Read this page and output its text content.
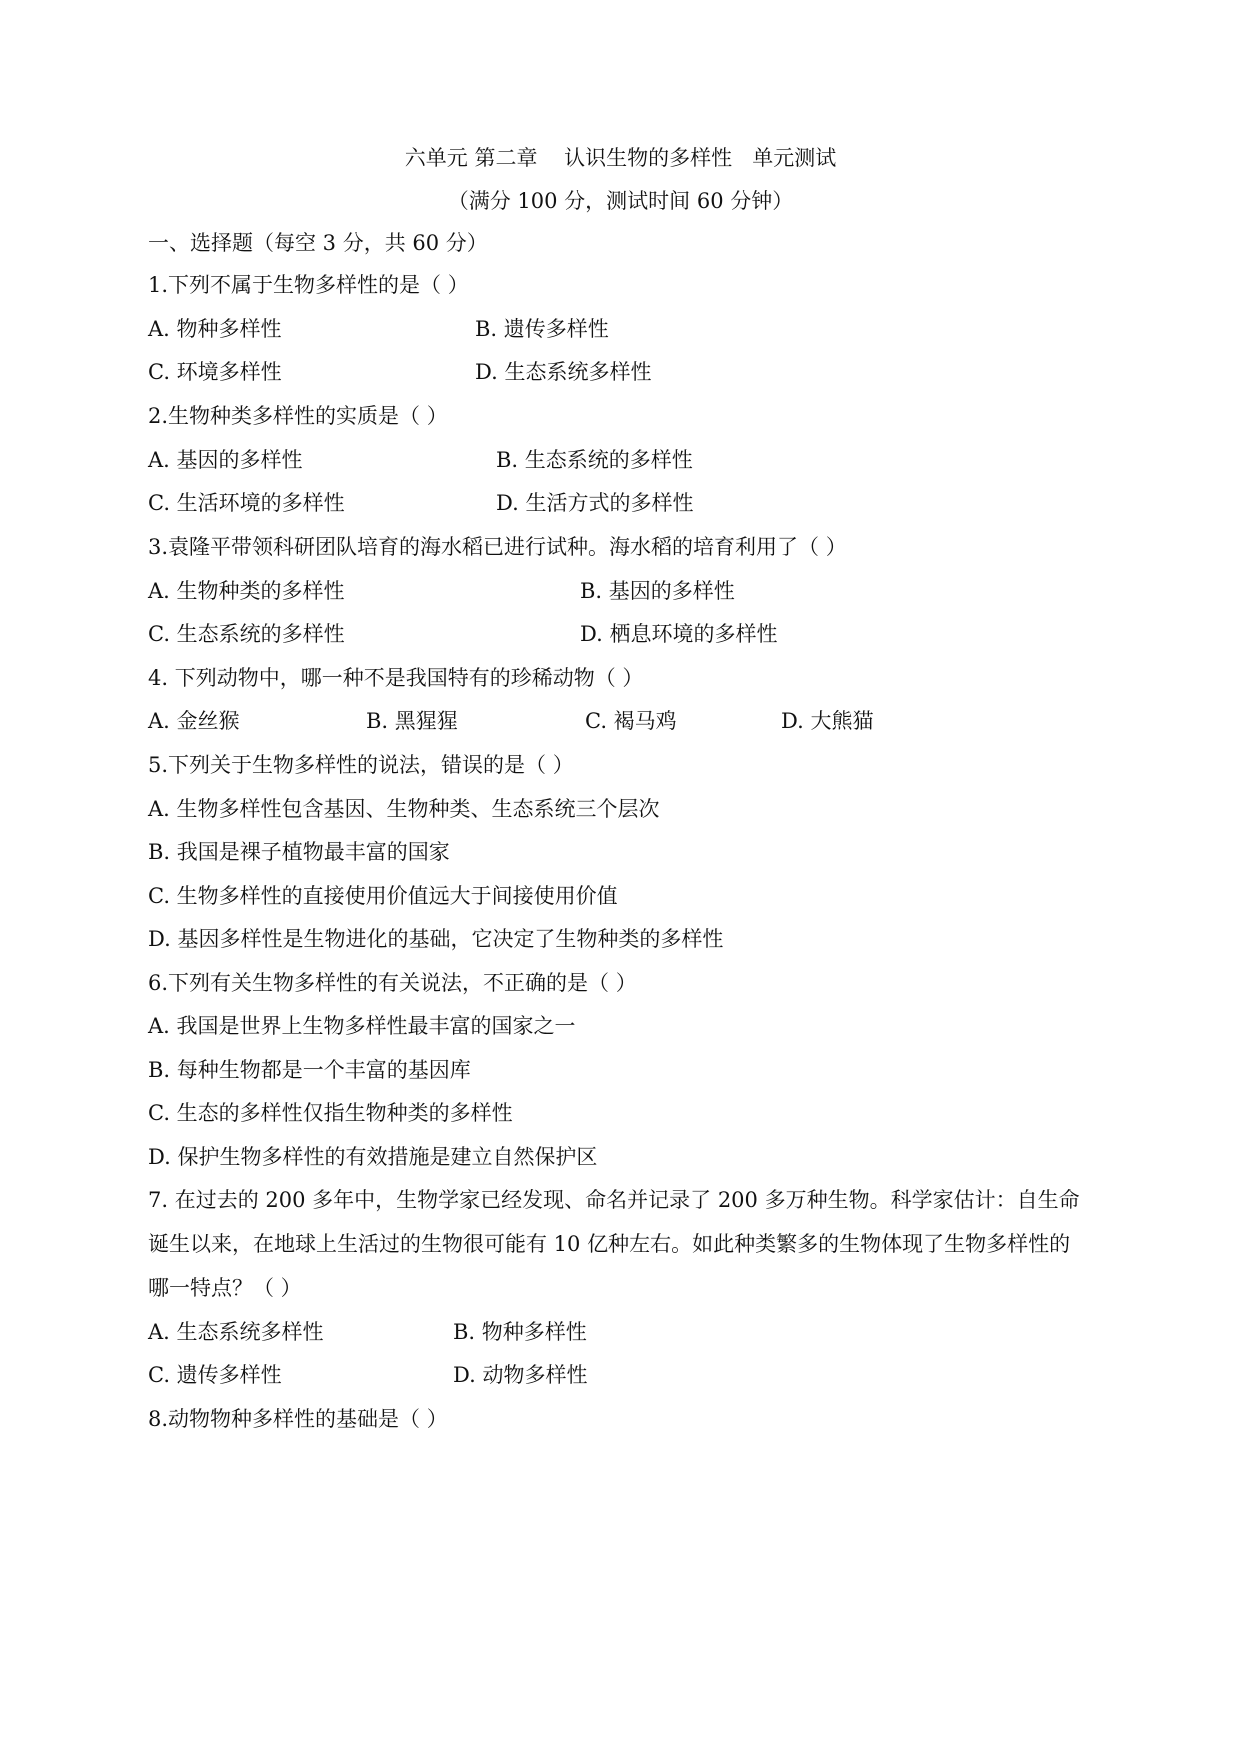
六单元 第二章    认识生物的多样性   单元测试
（满分 100 分，测试时间 60 分钟）
一、选择题（每空 3 分，共 60 分）
1.下列不属于生物多样性的是（ ）
A. 物种多样性	B. 遗传多样性
C. 环境多样性	D. 生态系统多样性
2.生物种类多样性的实质是（ ）
A. 基因的多样性	B. 生态系统的多样性
C. 生活环境的多样性	D. 生活方式的多样性
3.袁隆平带领科研团队培育的海水稻已进行试种。海水稻的培育利用了（ ）
A. 生物种类的多样性	B. 基因的多样性
C. 生态系统的多样性	D. 栖息环境的多样性
4. 下列动物中，哪一种不是我国特有的珍稀动物（ ）
A. 金丝猴	B. 黑猩猩	C. 褐马鸡	D. 大熊猫
5.下列关于生物多样性的说法，错误的是（ ）
A. 生物多样性包含基因、生物种类、生态系统三个层次
B. 我国是裸子植物最丰富的国家
C. 生物多样性的直接使用价值远大于间接使用价值
D. 基因多样性是生物进化的基础，它决定了生物种类的多样性
6.下列有关生物多样性的有关说法，不正确的是（ ）
A. 我国是世界上生物多样性最丰富的国家之一
B. 每种生物都是一个丰富的基因库
C. 生态的多样性仅指生物种类的多样性
D. 保护生物多样性的有效措施是建立自然保护区
7. 在过去的 200 多年中，生物学家已经发现、命名并记录了 200 多万种生物。科学家估计：自生命
诞生以来，在地球上生活过的生物很可能有 10 亿种左右。如此种类繁多的生物体现了生物多样性的
哪一特点？（ ）
A. 生态系统多样性	B. 物种多样性
C. 遗传多样性	D. 动物多样性
8.动物物种多样性的基础是（ ）
